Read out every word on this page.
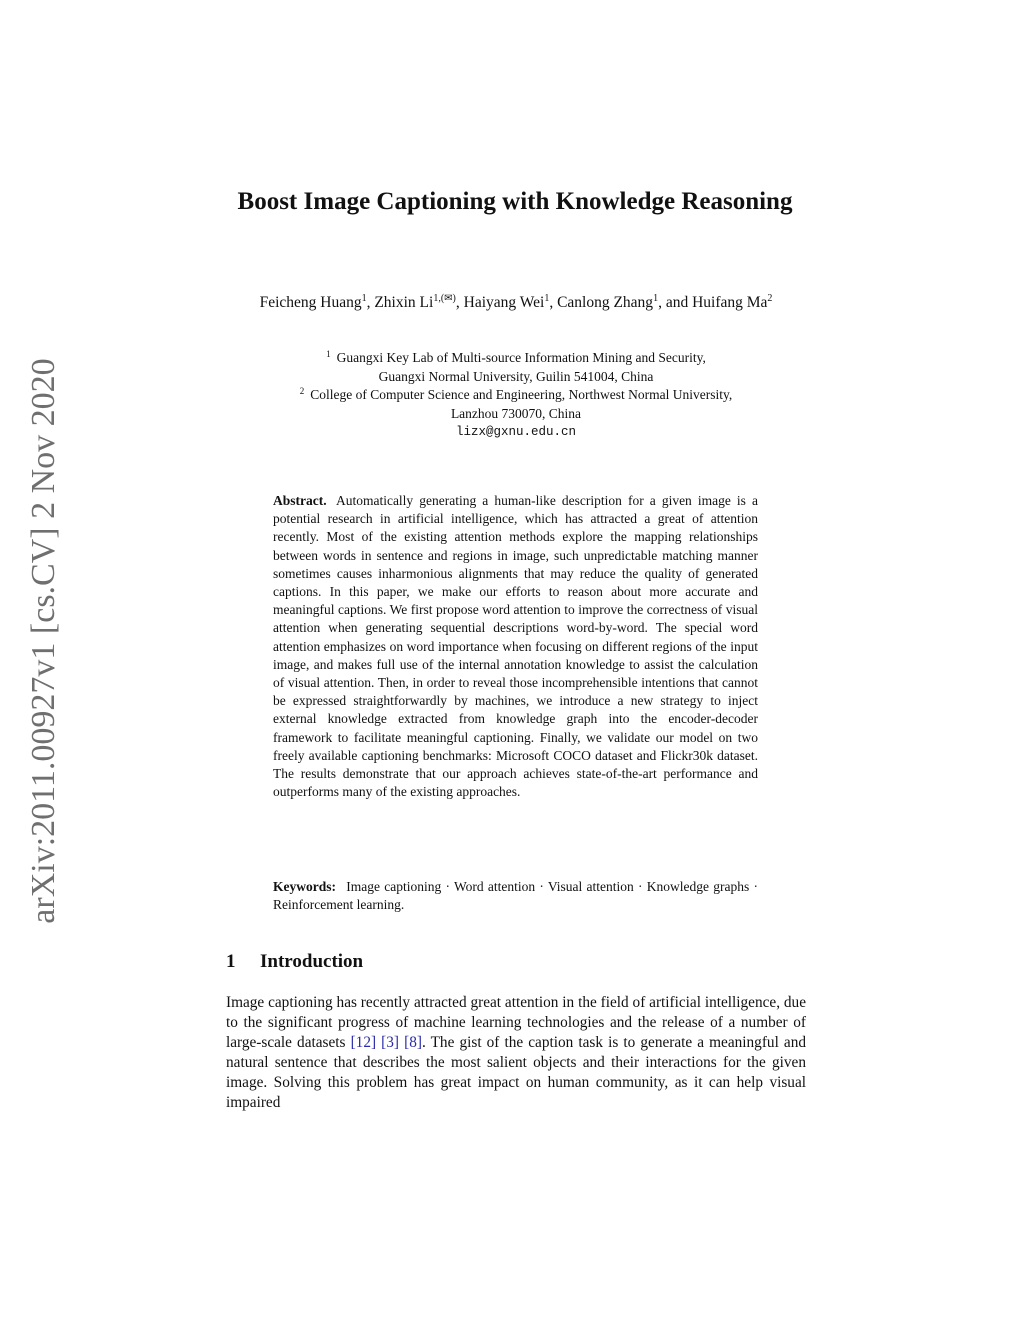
arXiv:2011.00927v1 [cs.CV] 2 Nov 2020
Boost Image Captioning with Knowledge Reasoning
Feicheng Huang$^1$, Zhixin $Li^{1,(✉)}$, Haiyang Wei$^1$, Canlong Zhang$^1$, and Huifang Ma$^2$
$^1$ Guangxi Key Lab of Multi-source Information Mining and Security,
Guangxi Normal University, Guilin 541004, China
$^2$ College of Computer Science and Engineering, Northwest Normal University,
Lanzhou 730070, China
lizx@gxnu.edu.cn
Abstract. Automatically generating a human-like description for a given image is a potential research in artificial intelligence, which has attracted a great of attention recently. Most of the existing attention methods explore the mapping relationships between words in sentence and regions in image, such unpredictable matching manner sometimes causes inharmonious alignments that may reduce the quality of generated captions. In this paper, we make our efforts to reason about more accurate and meaningful captions. We first propose word attention to improve the correctness of visual attention when generating sequential descriptions word-by-word. The special word attention emphasizes on word importance when focusing on different regions of the input image, and makes full use of the internal annotation knowledge to assist the calculation of visual attention. Then, in order to reveal those incomprehensible intentions that cannot be expressed straightforwardly by machines, we introduce a new strategy to inject external knowledge extracted from knowledge graph into the encoder-decoder framework to facilitate meaningful captioning. Finally, we validate our model on two freely available captioning benchmarks: Microsoft COCO dataset and Flickr30k dataset. The results demonstrate that our approach achieves state-of-the-art performance and outperforms many of the existing approaches.
Keywords: Image captioning · Word attention · Visual attention · Knowledge graphs · Reinforcement learning.
1 Introduction

Image captioning has recently attracted great attention in the field of artificial intelligence, due to the significant progress of machine learning technologies and the release of a number of large-scale datasets [12] [3] [8]. The gist of the caption task is to generate a meaningful and natural sentence that describes the most salient objects and their interactions for the given image. Solving this problem has great impact on human community, as it can help visual impaired
